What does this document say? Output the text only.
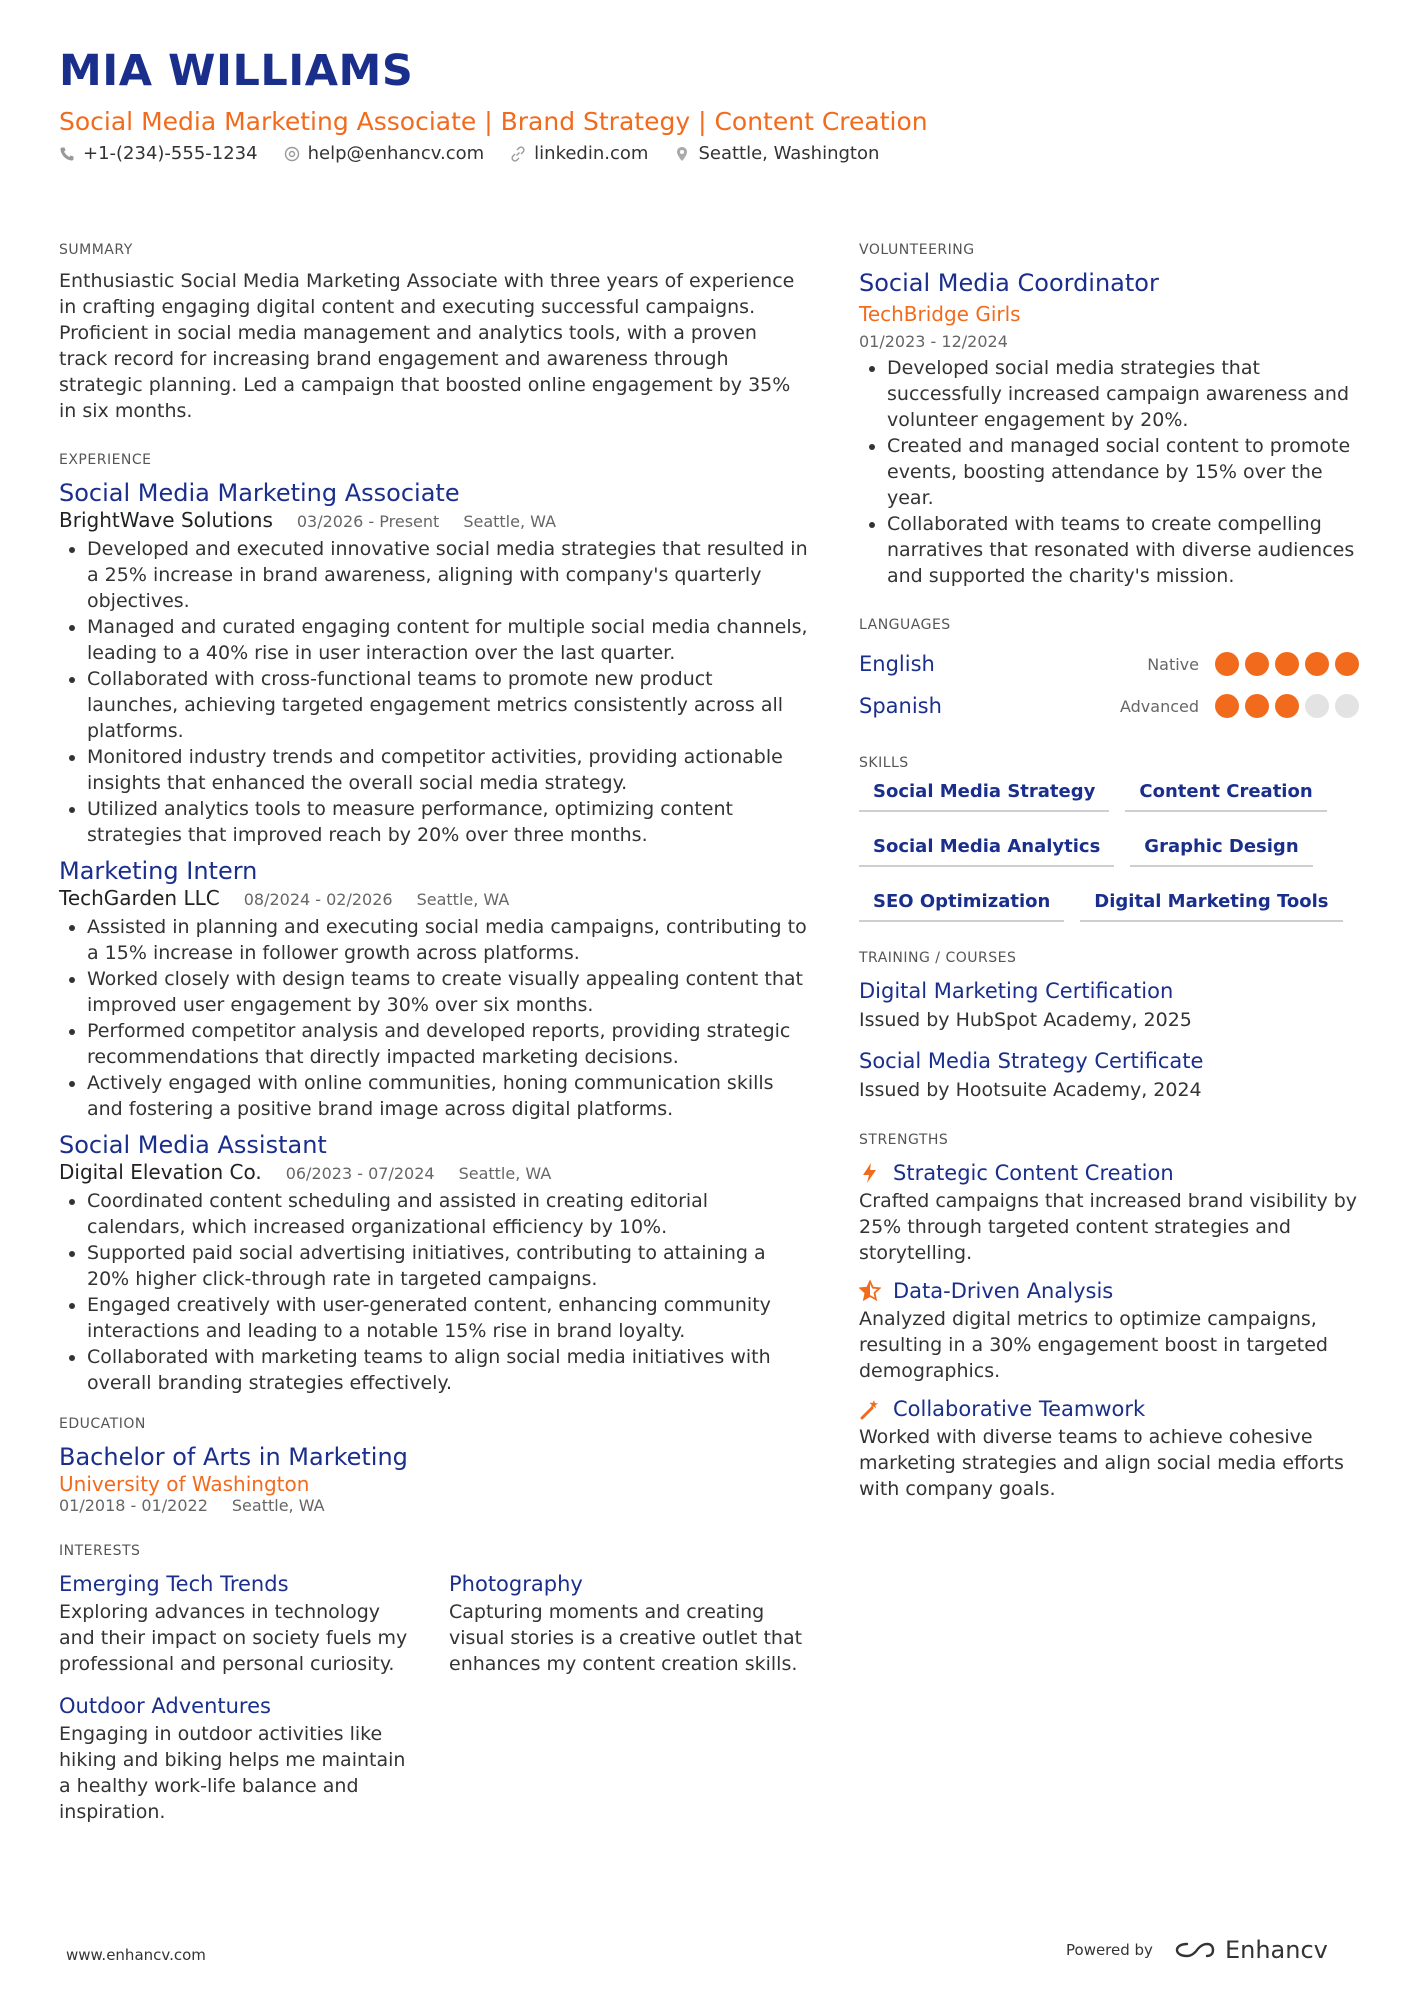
MIA WILLIAMS
Social Media Marketing Associate | Brand Strategy | Content Creation
+1-(234)-555-1234	help@enhancv.com	linkedin.com	Seattle, Washington
SUMMARY
Enthusiastic Social Media Marketing Associate with three years of experience in crafting engaging digital content and executing successful campaigns. Proficient in social media management and analytics tools, with a proven track record for increasing brand engagement and awareness through strategic planning. Led a campaign that boosted online engagement by 35% in six months.
EXPERIENCE
Social Media Marketing Associate
BrightWave Solutions 03/2026 - Present Seattle, WA
• Developed and executed innovative social media strategies that resulted in a 25% increase in brand awareness, aligning with company's quarterly objectives.
• Managed and curated engaging content for multiple social media channels, leading to a 40% rise in user interaction over the last quarter.
• Collaborated with cross-functional teams to promote new product launches, achieving targeted engagement metrics consistently across all platforms.
• Monitored industry trends and competitor activities, providing actionable insights that enhanced the overall social media strategy.
• Utilized analytics tools to measure performance, optimizing content strategies that improved reach by 20% over three months.
Marketing Intern
TechGarden LLC 08/2024 - 02/2026 Seattle, WA
• Assisted in planning and executing social media campaigns, contributing to a 15% increase in follower growth across platforms.
• Worked closely with design teams to create visually appealing content that improved user engagement by 30% over six months.
• Performed competitor analysis and developed reports, providing strategic recommendations that directly impacted marketing decisions.
• Actively engaged with online communities, honing communication skills and fostering a positive brand image across digital platforms.
Social Media Assistant
Digital Elevation Co. 06/2023 - 07/2024 Seattle, WA
• Coordinated content scheduling and assisted in creating editorial calendars, which increased organizational efficiency by 10%.
• Supported paid social advertising initiatives, contributing to attaining a 20% higher click-through rate in targeted campaigns.
• Engaged creatively with user-generated content, enhancing community interactions and leading to a notable 15% rise in brand loyalty.
• Collaborated with marketing teams to align social media initiatives with overall branding strategies effectively.
EDUCATION
Bachelor of Arts in Marketing
University of Washington
01/2018 - 01/2022 Seattle, WA
INTERESTS
Emerging Tech Trends
Exploring advances in technology and their impact on society fuels my professional and personal curiosity.
Photography
Capturing moments and creating visual stories is a creative outlet that enhances my content creation skills.
Outdoor Adventures
Engaging in outdoor activities like hiking and biking helps me maintain a healthy work-life balance and inspiration.
VOLUNTEERING
Social Media Coordinator
TechBridge Girls
01/2023 - 12/2024
• Developed social media strategies that successfully increased campaign awareness and volunteer engagement by 20%.
• Created and managed social content to promote events, boosting attendance by 15% over the year.
• Collaborated with teams to create compelling narratives that resonated with diverse audiences and supported the charity's mission.
LANGUAGES
English	Native
Spanish	Advanced
SKILLS
Social Media Strategy	Content Creation
Social Media Analytics	Graphic Design
SEO Optimization	Digital Marketing Tools
TRAINING / COURSES
Digital Marketing Certification
Issued by HubSpot Academy, 2025
Social Media Strategy Certificate
Issued by Hootsuite Academy, 2024
STRENGTHS
Strategic Content Creation
Crafted campaigns that increased brand visibility by 25% through targeted content strategies and storytelling.
Data-Driven Analysis
Analyzed digital metrics to optimize campaigns, resulting in a 30% engagement boost in targeted demographics.
Collaborative Teamwork
Worked with diverse teams to achieve cohesive marketing strategies and align social media efforts with company goals.
www.enhancv.com	Powered by	Enhancv
